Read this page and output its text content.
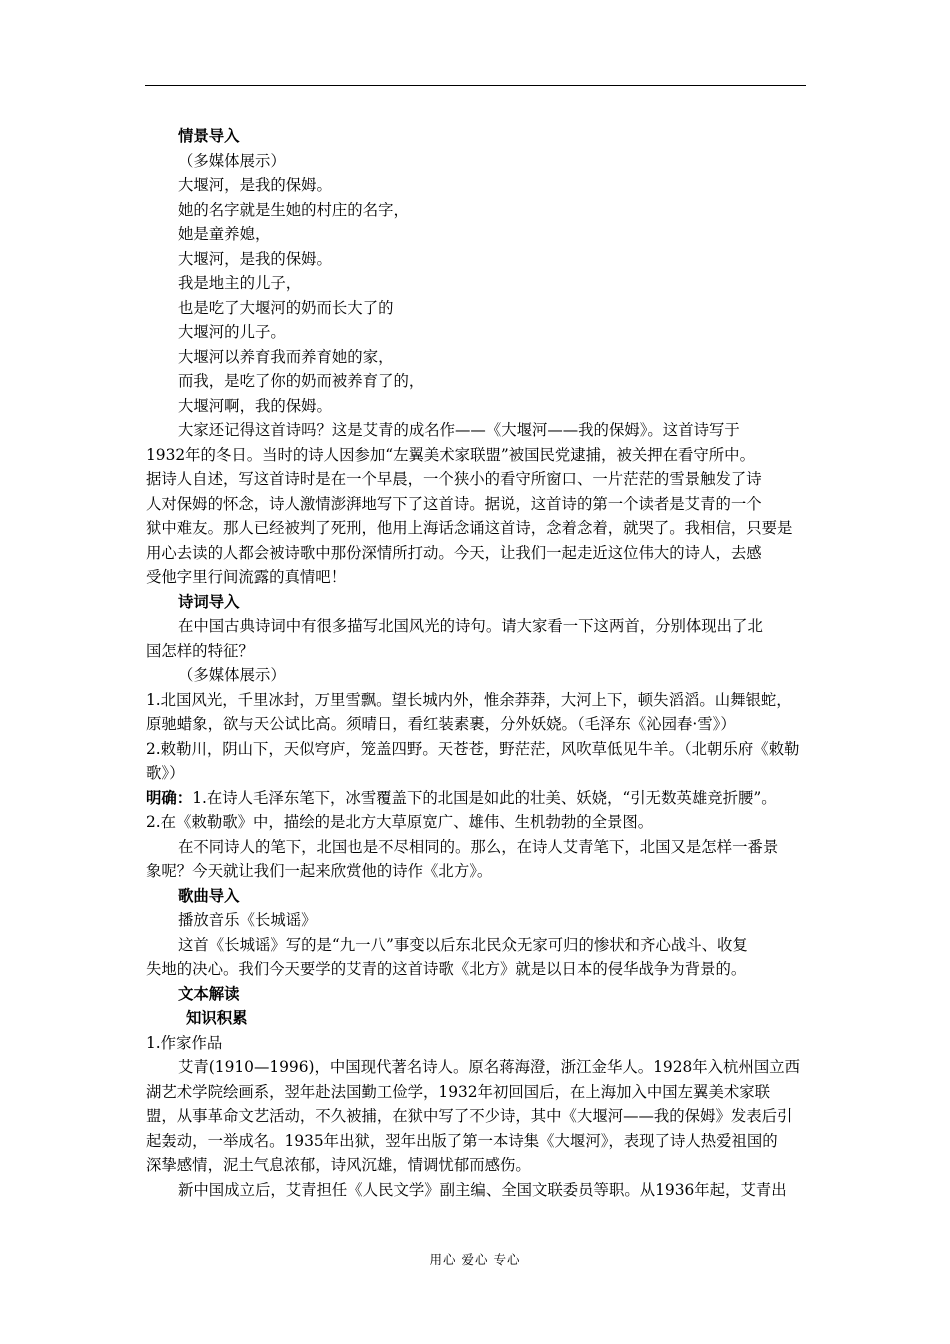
情景导入

（多媒体展示）

大堰河，是我的保姆。

她的名字就是生她的村庄的名字，

她是童养媳，

大堰河，是我的保姆。

我是地主的儿子，

也是吃了大堰河的奶而长大了的

大堰河的儿子。

大堰河以养育我而养育她的家，

而我，是吃了你的奶而被养育了的，

大堰河啊，我的保姆。

大家还记得这首诗吗？这是艾青的成名作——《大堰河——我的保姆》。这首诗写于

1932年的冬日。当时的诗人因参加“左翼美术家联盟”被国民党逮捕，被关押在看守所中。

据诗人自述，写这首诗时是在一个早晨，一个狭小的看守所窗口、一片茫茫的雪景触发了诗

人对保姆的怀念，诗人激情澎湃地写下了这首诗。据说，这首诗的第一个读者是艾青的一个

狱中难友。那人已经被判了死刑，他用上海话念诵这首诗，念着念着，就哭了。我相信，只要是

用心去读的人都会被诗歌中那份深情所打动。今天，让我们一起走近这位伟大的诗人，去感

受他字里行间流露的真情吧！

诗词导入

在中国古典诗词中有很多描写北国风光的诗句。请大家看一下这两首，分别体现出了北

国怎样的特征？

（多媒体展示）

1.北国风光，千里冰封，万里雪飘。望长城内外，惟余莽莽，大河上下，顿失滔滔。山舞银蛇，

原驰蜡象，欲与天公试比高。须晴日，看红装素裹，分外妖娆。（毛泽东《沁园春·雪》）

2.敕勒川，阴山下，天似穹庐，笼盖四野。天苍苍，野茫茫，风吹草低见牛羊。（北朝乐府《敕勒

歌》）

明确：1.在诗人毛泽东笔下，冰雪覆盖下的北国是如此的壮美、妖娆，“引无数英雄竞折腰”。

2.在《敕勒歌》中，描绘的是北方大草原宽广、雄伟、生机勃勃的全景图。

在不同诗人的笔下，北国也是不尽相同的。那么，在诗人艾青笔下，北国又是怎样一番景

象呢？今天就让我们一起来欣赏他的诗作《北方》。

歌曲导入

播放音乐《长城谣》

这首《长城谣》写的是“九一八”事变以后东北民众无家可归的惨状和齐心战斗、收复

失地的决心。我们今天要学的艾青的这首诗歌《北方》就是以日本的侵华战争为背景的。

文本解读

知识积累

1.作家作品

艾青(1910—1996)，中国现代著名诗人。原名蒋海澄，浙江金华人。1928年入杭州国立西

湖艺术学院绘画系，翌年赴法国勤工俭学，1932年初回国后，在上海加入中国左翼美术家联

盟，从事革命文艺活动，不久被捕，在狱中写了不少诗，其中《大堰河——我的保姆》发表后引

起轰动，一举成名。1935年出狱，翌年出版了第一本诗集《大堰河》，表现了诗人热爱祖国的

深挚感情，泥土气息浓郁，诗风沉雄，情调忧郁而感伤。

新中国成立后，艾青担任《人民文学》副主编、全国文联委员等职。从1936年起，艾青出

用心 爱心 专心
